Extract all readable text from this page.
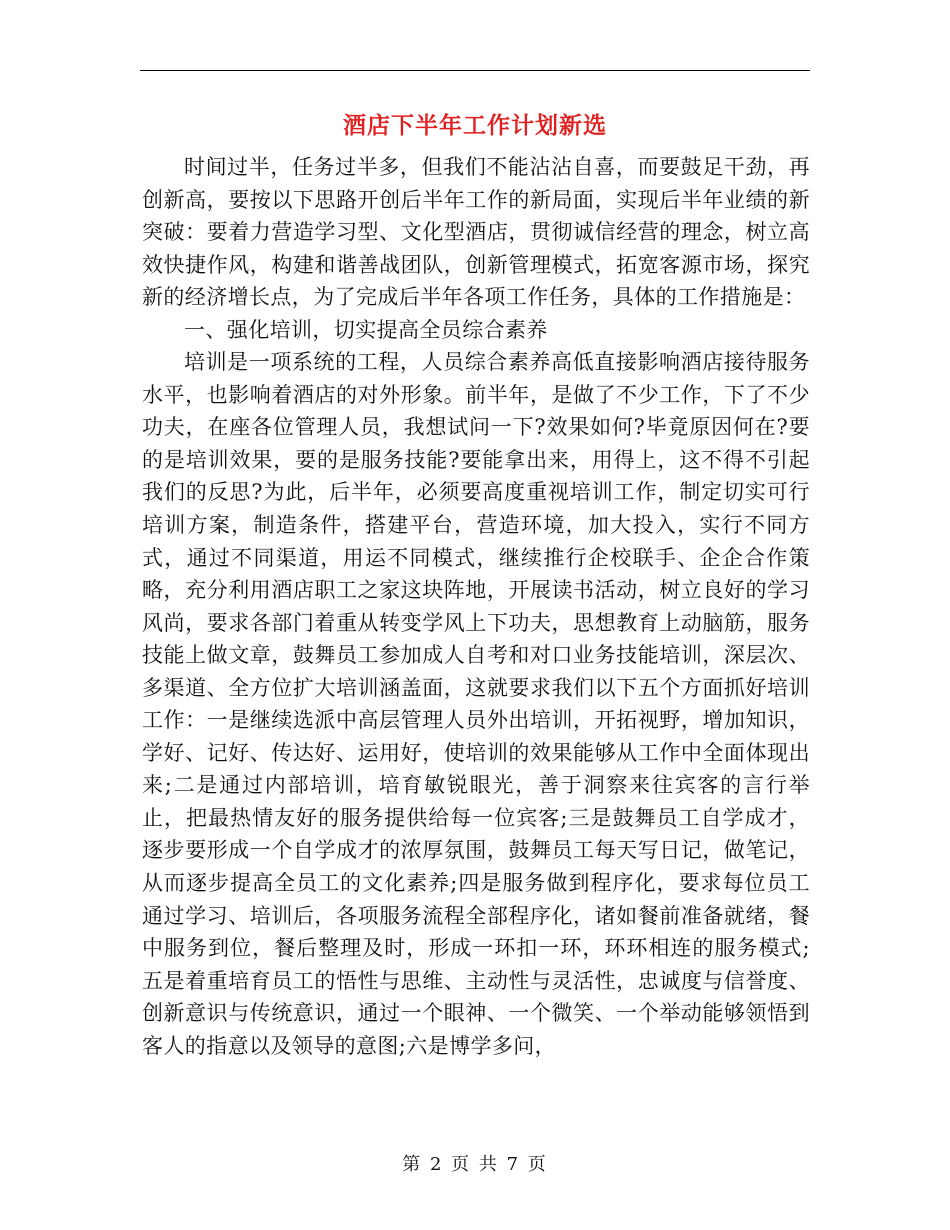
酒店下半年工作计划新选

时间过半，任务过半多，但我们不能沾沾自喜，而要鼓足干劲，再创新高，要按以下思路开创后半年工作的新局面，实现后半年业绩的新突破：要着力营造学习型、文化型酒店，贯彻诚信经营的理念，树立高效快捷作风，构建和谐善战团队，创新管理模式，拓宽客源市场，探究新的经济增长点，为了完成后半年各项工作任务，具体的工作措施是：

一、强化培训，切实提高全员综合素养

培训是一项系统的工程，人员综合素养高低直接影响酒店接待服务水平，也影响着酒店的对外形象。前半年，是做了不少工作，下了不少功夫，在座各位管理人员，我想试问一下?效果如何?毕竟原因何在?要的是培训效果，要的是服务技能?要能拿出来，用得上，这不得不引起我们的反思?为此，后半年，必须要高度重视培训工作，制定切实可行培训方案，制造条件，搭建平台，营造环境，加大投入，实行不同方式，通过不同渠道，用运不同模式，继续推行企校联手、企企合作策略，充分利用酒店职工之家这块阵地，开展读书活动，树立良好的学习风尚，要求各部门着重从转变学风上下功夫，思想教育上动脑筋，服务技能上做文章，鼓舞员工参加成人自考和对口业务技能培训，深层次、多渠道、全方位扩大培训涵盖面，这就要求我们以下五个方面抓好培训工作：一是继续选派中高层管理人员外出培训，开拓视野，增加知识，学好、记好、传达好、运用好，使培训的效果能够从工作中全面体现出来;二是通过内部培训，培育敏锐眼光，善于洞察来往宾客的言行举止，把最热情友好的服务提供给每一位宾客;三是鼓舞员工自学成才，逐步要形成一个自学成才的浓厚氛围，鼓舞员工每天写日记，做笔记，从而逐步提高全员工的文化素养;四是服务做到程序化，要求每位员工通过学习、培训后，各项服务流程全部程序化，诸如餐前准备就绪，餐中服务到位，餐后整理及时，形成一环扣一环，环环相连的服务模式;五是着重培育员工的悟性与思维、主动性与灵活性，忠诚度与信誉度、创新意识与传统意识，通过一个眼神、一个微笑、一个举动能够领悟到客人的指意以及领导的意图;六是博学多问，

第 2 页 共 7 页
